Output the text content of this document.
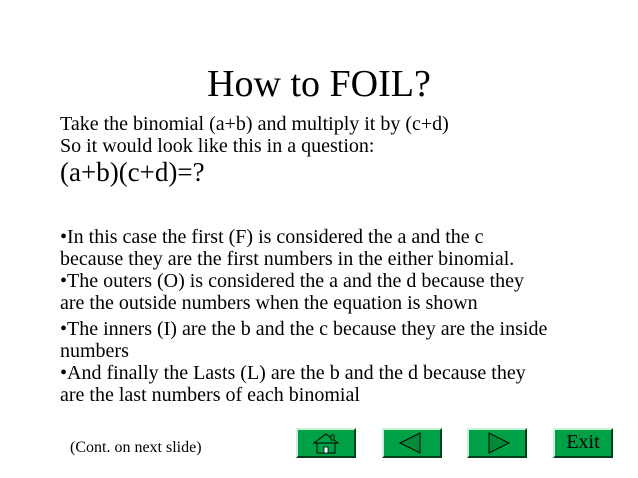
How to FOIL?
Take the binomial (a+b) and multiply it by (c+d)
So it would look like this in a question:
(a+b)(c+d)=?
•In this case the first (F) is considered the a and the c
because they are the first numbers in the either binomial.
•The outers (O) is considered the a and the d because they
are the outside numbers when the equation is shown
•The inners (I) are the b and the c because they are the inside
numbers
•And finally the Lasts (L) are the b and the d because they
are the last numbers of each binomial
(Cont. on next slide)	Exit
